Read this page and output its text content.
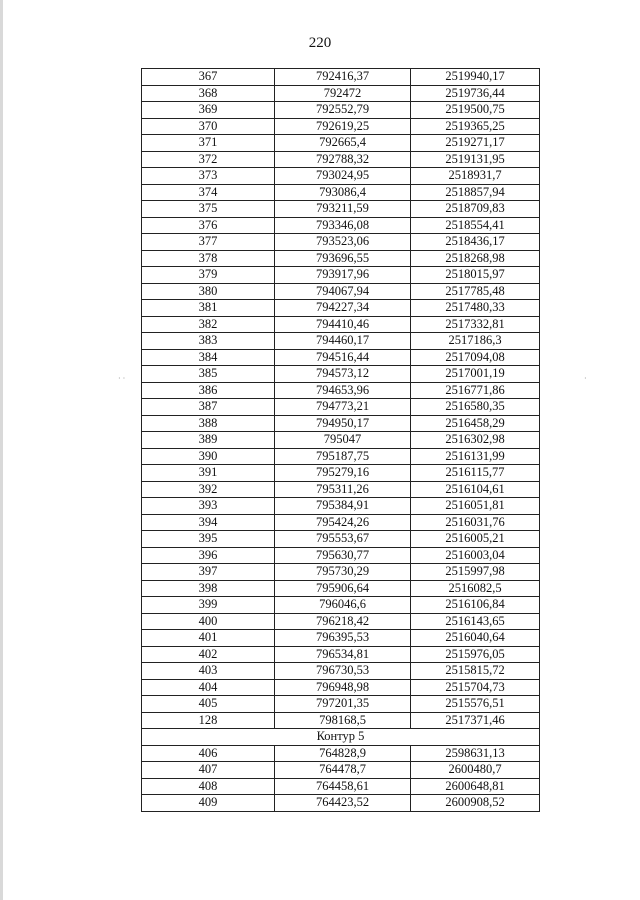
220
· ·	·
367	792416,37	2519940,17
368	792472	2519736,44
369	792552,79	2519500,75
370	792619,25	2519365,25
371	792665,4	2519271,17
372	792788,32	2519131,95
373	793024,95	2518931,7
374	793086,4	2518857,94
375	793211,59	2518709,83
376	793346,08	2518554,41
377	793523,06	2518436,17
378	793696,55	2518268,98
379	793917,96	2518015,97
380	794067,94	2517785,48
381	794227,34	2517480,33
382	794410,46	2517332,81
383	794460,17	2517186,3
384	794516,44	2517094,08
385	794573,12	2517001,19
386	794653,96	2516771,86
387	794773,21	2516580,35
388	794950,17	2516458,29
389	795047	2516302,98
390	795187,75	2516131,99
391	795279,16	2516115,77
392	795311,26	2516104,61
393	795384,91	2516051,81
394	795424,26	2516031,76
395	795553,67	2516005,21
396	795630,77	2516003,04
397	795730,29	2515997,98
398	795906,64	2516082,5
399	796046,6	2516106,84
400	796218,42	2516143,65
401	796395,53	2516040,64
402	796534,81	2515976,05
403	796730,53	2515815,72
404	796948,98	2515704,73
405	797201,35	2515576,51
128	798168,5	2517371,46
Контур 5		
406	764828,9	2598631,13
407	764478,7	2600480,7
408	764458,61	2600648,81
409	764423,52	2600908,52
